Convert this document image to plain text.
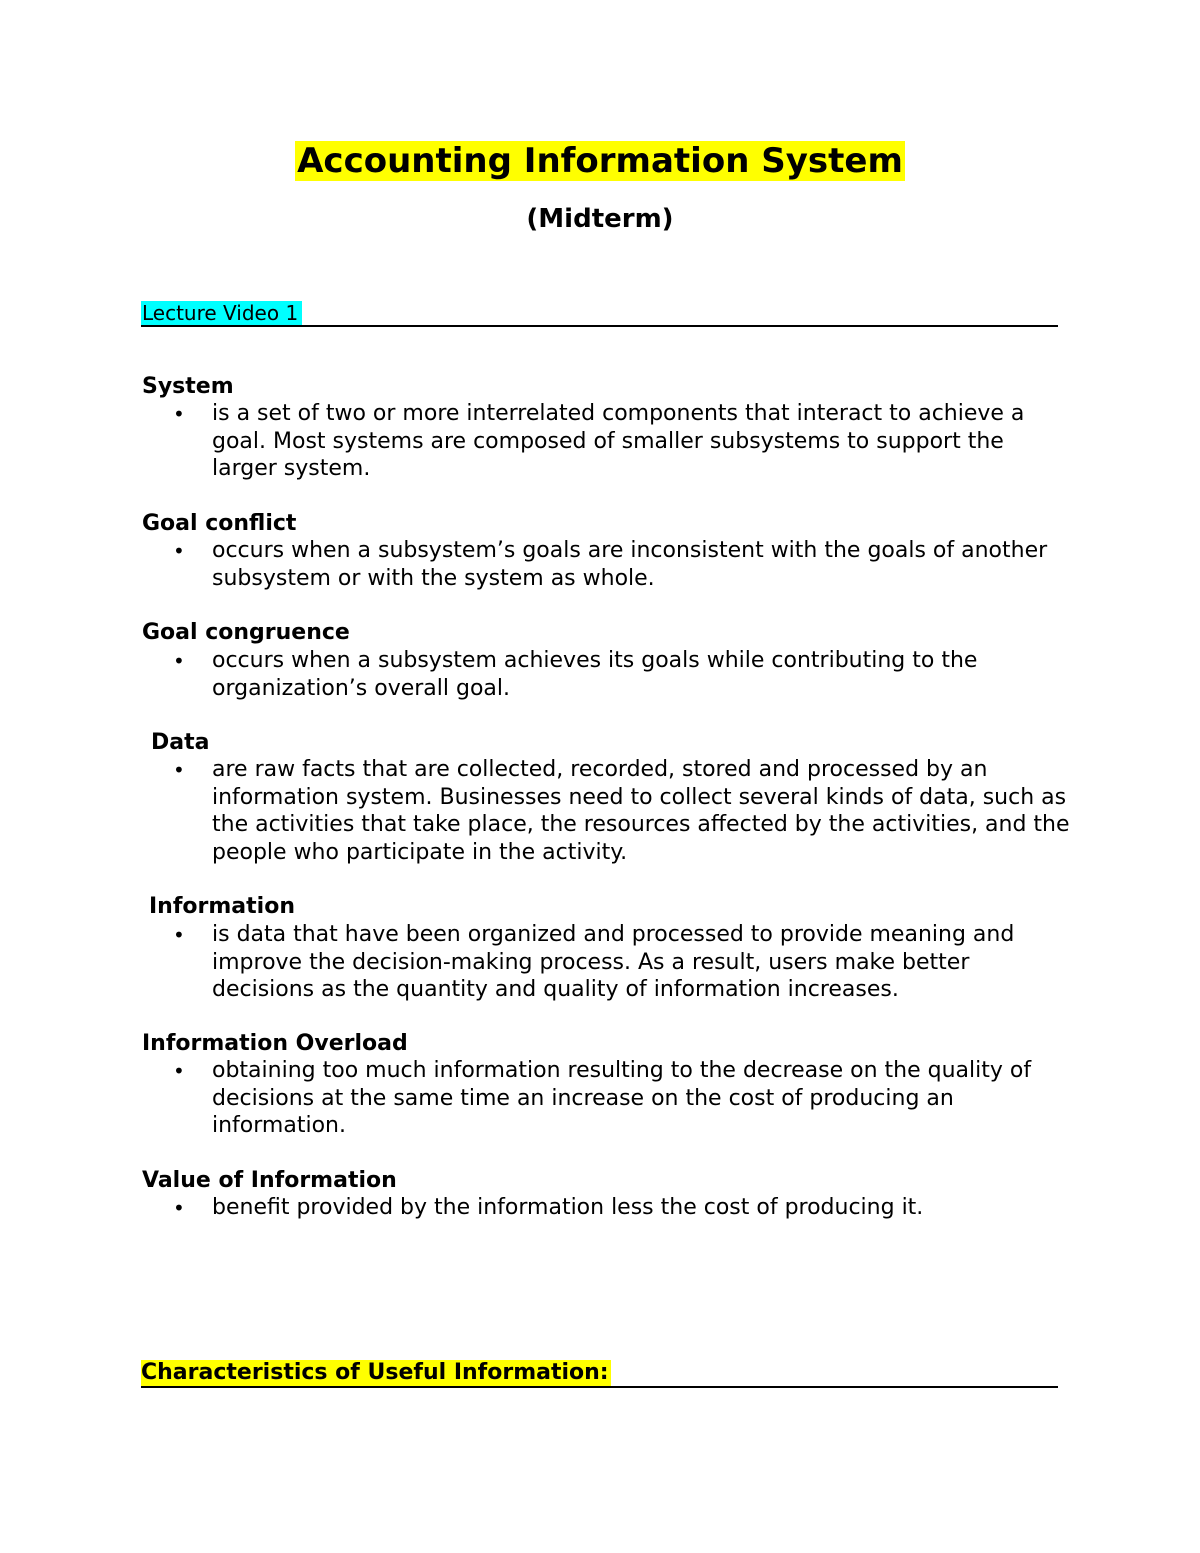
Accounting Information System
(Midterm)
Lecture Video 1
System
• is a set of two or more interrelated components that interact to achieve a goal. Most systems are composed of smaller subsystems to support the larger system.
Goal conflict
• occurs when a subsystem’s goals are inconsistent with the goals of another subsystem or with the system as whole.
Goal congruence
• occurs when a subsystem achieves its goals while contributing to the organization’s overall goal.
Data
• are raw facts that are collected, recorded, stored and processed by an information system. Businesses need to collect several kinds of data, such as the activities that take place, the resources affected by the activities, and the people who participate in the activity.
Information
• is data that have been organized and processed to provide meaning and improve the decision-making process. As a result, users make better decisions as the quantity and quality of information increases.
Information Overload
• obtaining too much information resulting to the decrease on the quality of decisions at the same time an increase on the cost of producing an information.
Value of Information
• benefit provided by the information less the cost of producing it.
Characteristics of Useful Information:
